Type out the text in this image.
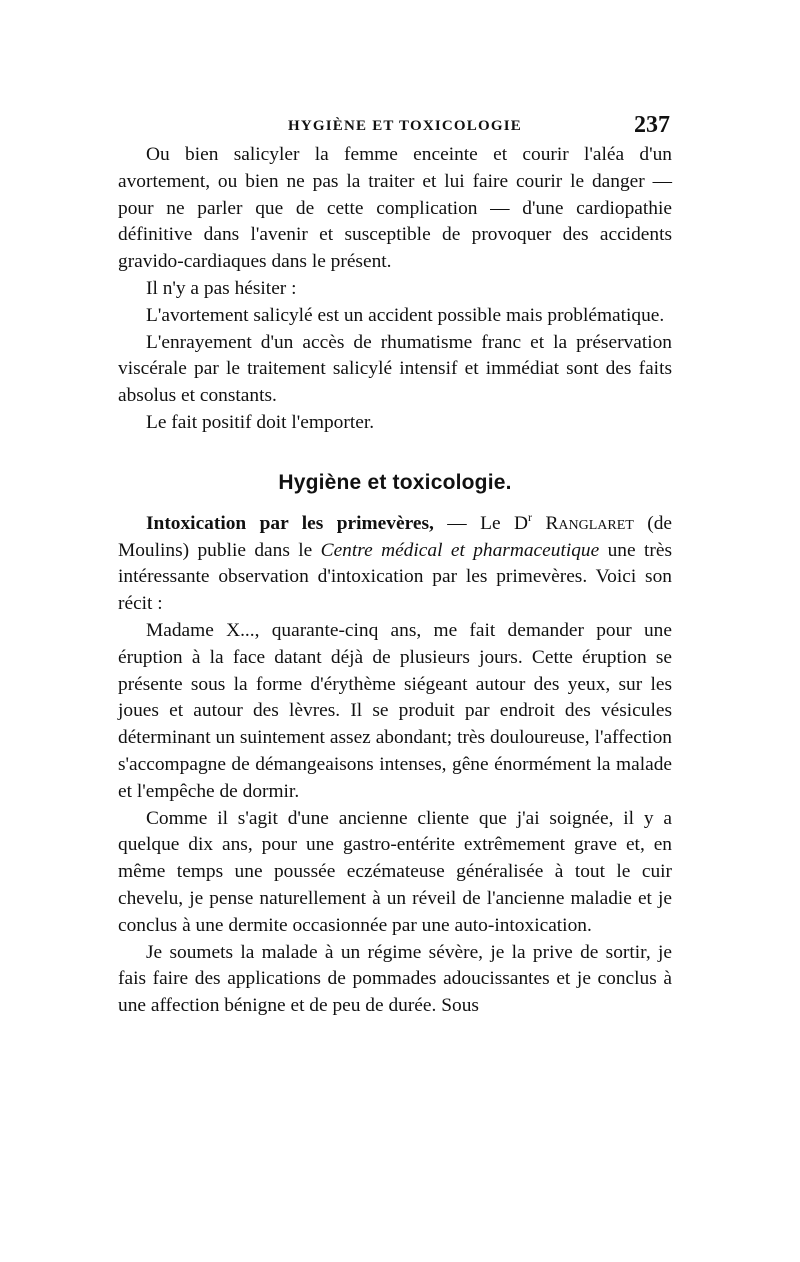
HYGIÈNE ET TOXICOLOGIE	237

Ou bien salicyler la femme enceinte et courir l'aléa d'un avortement, ou bien ne pas la traiter et lui faire courir le danger — pour ne parler que de cette complication — d'une cardiopathie définitive dans l'avenir et susceptible de provoquer des accidents gravido-cardiaques dans le présent.

Il n'y a pas hésiter :

L'avortement salicylé est un accident possible mais problématique.

L'enrayement d'un accès de rhumatisme franc et la préservation viscérale par le traitement salicylé intensif et immédiat sont des faits absolus et constants.

Le fait positif doit l'emporter.

Hygiène et toxicologie.

Intoxication par les primevères, — Le $D^r$ Ranglaret (de Moulins) publie dans le Centre médical et pharmaceutique une très intéressante observation d'intoxication par les primevères. Voici son récit :

Madame X..., quarante-cinq ans, me fait demander pour une éruption à la face datant déjà de plusieurs jours. Cette éruption se présente sous la forme d'érythème siégeant autour des yeux, sur les joues et autour des lèvres. Il se produit par endroit des vésicules déterminant un suintement assez abondant; très douloureuse, l'affection s'accompagne de démangeaisons intenses, gêne énormément la malade et l'empêche de dormir.

Comme il s'agit d'une ancienne cliente que j'ai soignée, il y a quelque dix ans, pour une gastro-entérite extrêmement grave et, en même temps une poussée eczémateuse généralisée à tout le cuir chevelu, je pense naturellement à un réveil de l'ancienne maladie et je conclus à une dermite occasionnée par une auto-intoxication.

Je soumets la malade à un régime sévère, je la prive de sortir, je fais faire des applications de pommades adoucissantes et je conclus à une affection bénigne et de peu de durée. Sous
